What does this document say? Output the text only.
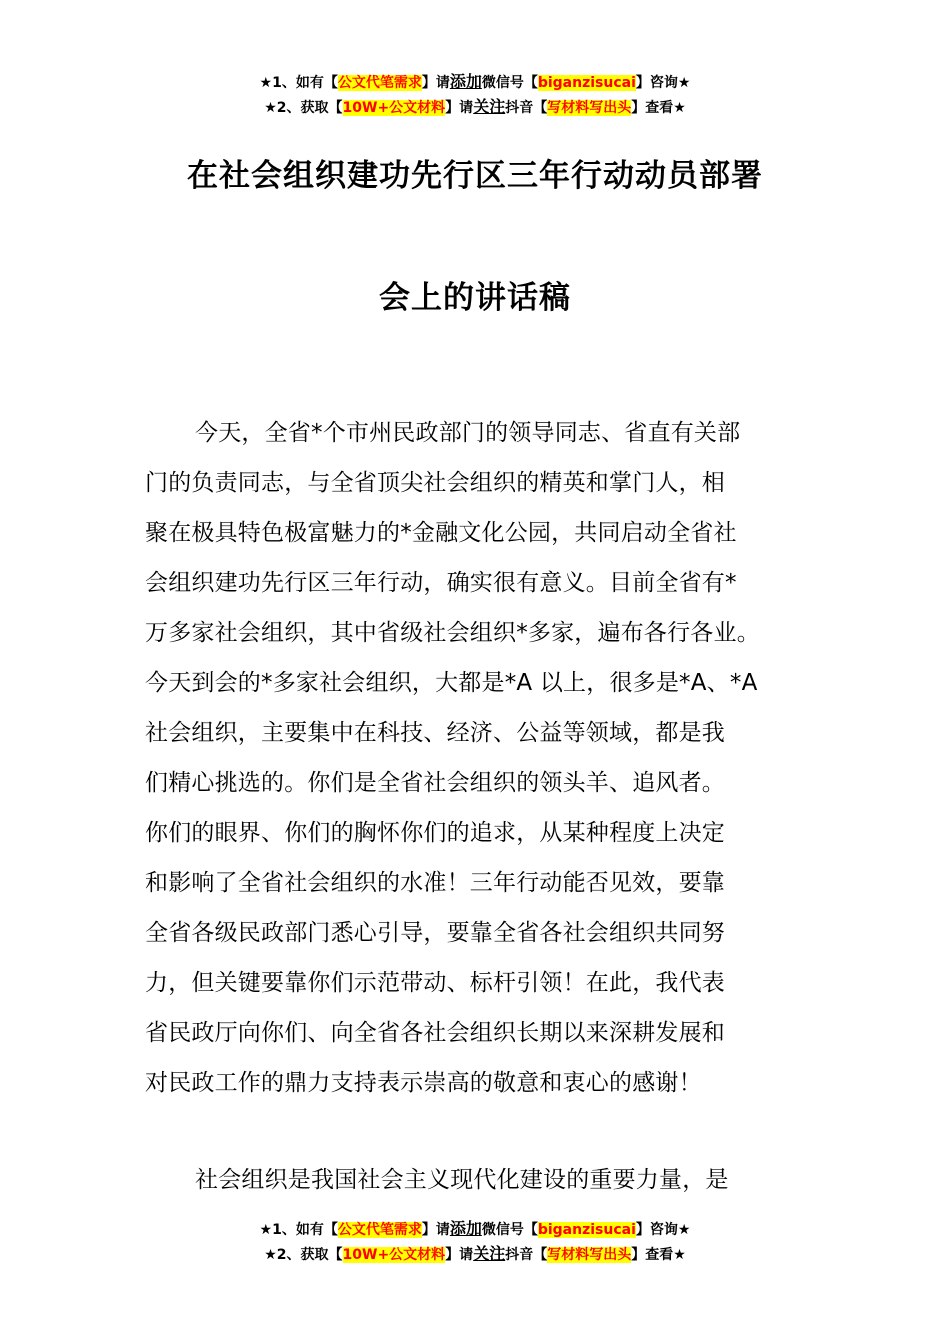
★1、如有【公文代笔需求】请添加微信号【biganzisucai】咨询★
★2、获取【10W+公文材料】请关注抖音【写材料写出头】查看★
在社会组织建功先行区三年行动动员部署
会上的讲话稿
今天，全省*个市州民政部门的领导同志、省直有关部
门的负责同志，与全省顶尖社会组织的精英和掌门人，相
聚在极具特色极富魅力的*金融文化公园，共同启动全省社
会组织建功先行区三年行动，确实很有意义。目前全省有*
万多家社会组织，其中省级社会组织*多家，遍布各行各业。
今天到会的*多家社会组织，大都是*A 以上，很多是*A、*A
社会组织，主要集中在科技、经济、公益等领域，都是我
们精心挑选的。你们是全省社会组织的领头羊、追风者。
你们的眼界、你们的胸怀你们的追求，从某种程度上决定
和影响了全省社会组织的水准！三年行动能否见效，要靠
全省各级民政部门悉心引导，要靠全省各社会组织共同努
力，但关键要靠你们示范带动、标杆引领！在此，我代表
省民政厅向你们、向全省各社会组织长期以来深耕发展和
对民政工作的鼎力支持表示崇高的敬意和衷心的感谢！
社会组织是我国社会主义现代化建设的重要力量，是
★1、如有【公文代笔需求】请添加微信号【biganzisucai】咨询★
★2、获取【10W+公文材料】请关注抖音【写材料写出头】查看★
